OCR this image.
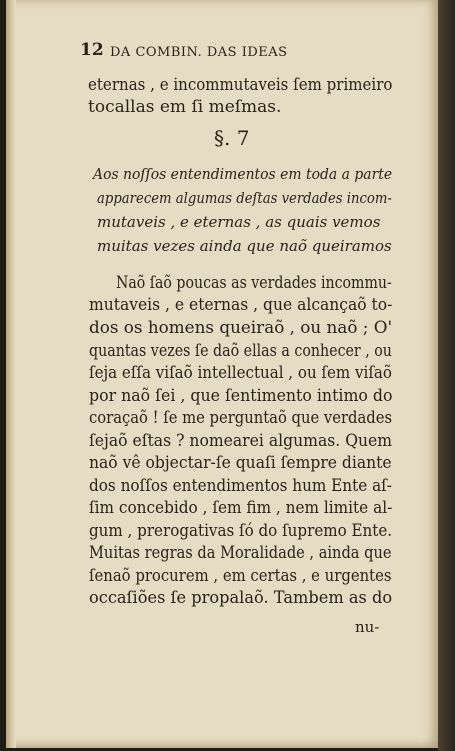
12 DA COMBIN. DAS IDEAS
eternas , e incommutaveis ſem primeiro
tocallas em ſi meſmas.
§. 7
Aos noſſos entendimentos em toda a parte
apparecem algumas deſtas verdades incom-
mutaveis , e eternas , as quais vemos
muitas vezes ainda que naõ queiramos
Naõ ſaõ poucas as verdades incommu-
mutaveis , e eternas , que alcançaõ to-
dos os homens queiraõ , ou naõ ; O'
quantas vezes ſe daõ ellas a conhecer , ou
ſeja eſſa viſaõ intellectual , ou ſem viſaõ
por naõ ſei , que ſentimento intimo do
coraçaõ ! ſe me perguntaõ que verdades
ſejaõ eſtas ? nomearei algumas. Quem
naõ vê objectar-ſe quaſi ſempre diante
dos noſſos entendimentos hum Ente aſ-
ſim concebido , ſem fim , nem limite al-
gum , prerogativas ſó do ſupremo Ente.
Muitas regras da Moralidade , ainda que
ſenaõ procurem , em certas , e urgentes
occaſiões ſe propalaõ. Tambem as do
nu-
